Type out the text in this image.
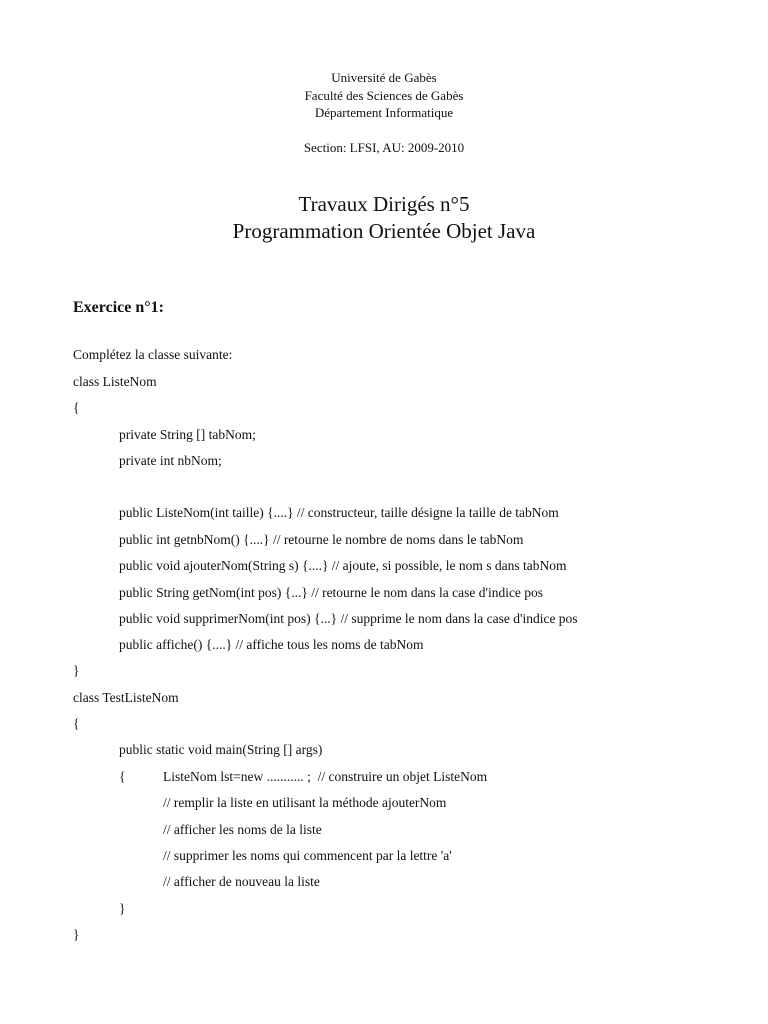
Université de Gabès
Faculté des Sciences de Gabès
Département Informatique
Section: LFSI, AU: 2009-2010
Travaux Dirigés n°5
Programmation Orientée Objet Java
Exercice n°1:
Complétez la classe suivante:
class ListeNom
{
private String [] tabNom;
private int nbNom;
public ListeNom(int taille) {....} // constructeur, taille désigne la taille de tabNom
public int getnbNom() {....} // retourne le nombre de noms dans le tabNom
public void ajouterNom(String s) {....} // ajoute, si possible, le nom s dans tabNom
public String getNom(int pos) {...} // retourne le nom dans la case d'indice pos
public void supprimerNom(int pos) {...} // supprime le nom dans la case d'indice pos
public affiche() {....} // affiche tous les noms de tabNom
}
class TestListeNom
{
public static void main(String [] args)
{	ListeNom lst=new ........... ;  // construire un objet ListeNom
// remplir la liste en utilisant la méthode ajouterNom
// afficher les noms de la liste
// supprimer les noms qui commencent par la lettre 'a'
// afficher de nouveau la liste
}
}
